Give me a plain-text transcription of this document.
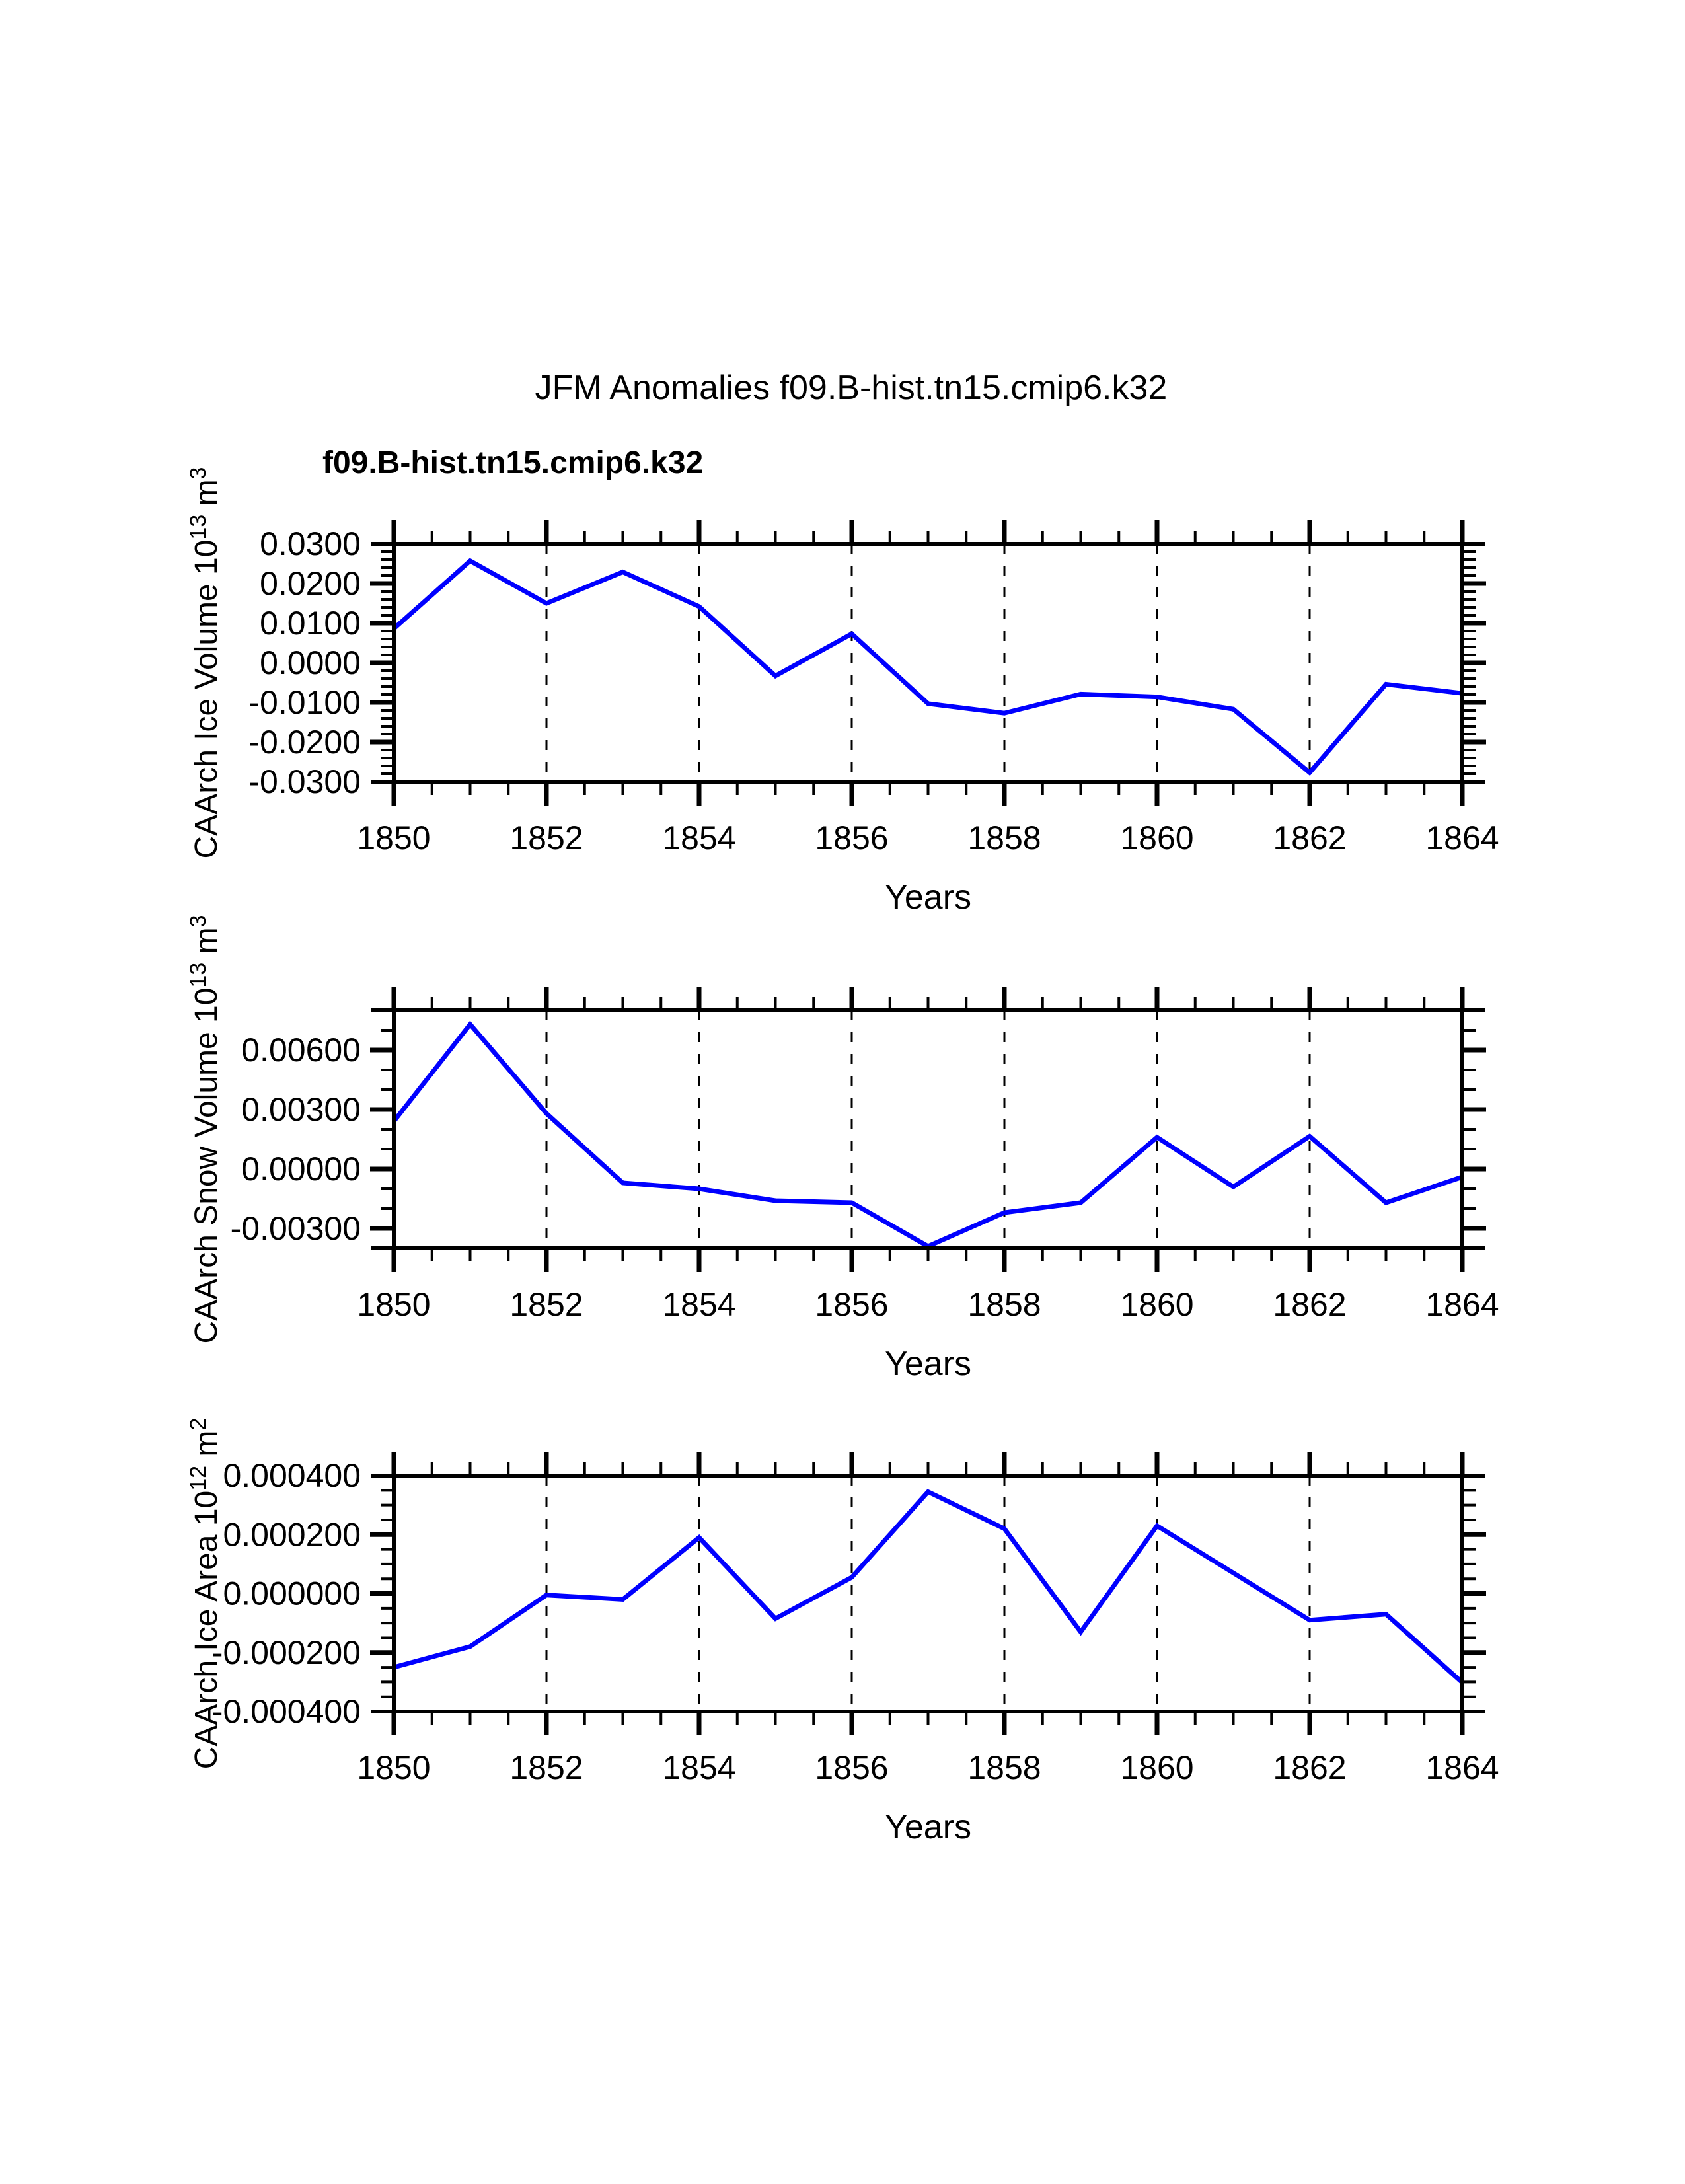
JFM Anomalies f09.B-hist.tn15.cmip6.k32
f09.B-hist.tn15.cmip6.k32
0.0300
0.0200
0.0100
0.0000
-0.0100
-0.0200
-0.0300
1850 1852 1854 1856 1858 1860 1862 1864
Years
CAArch Ice Volume $10^{13}$ $m^3$
0.00600
0.00300
0.00000
-0.00300
1850 1852 1854 1856 1858 1860 1862 1864
Years
CAArch Snow Volume $10^{13}$ $m^3$
0.000400
0.000200
0.000000
-0.000200
-0.000400
1850 1852 1854 1856 1858 1860 1862 1864
Years
CAArch Ice Area $10^{12}$ $m^2$
